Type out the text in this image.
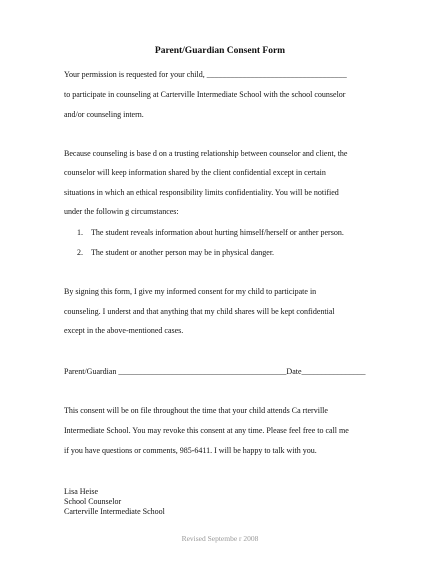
Parent/Guardian Consent Form
Your permission is requested for your child, ___________________________________
to participate in counseling at Carterville Intermediate School with the school counselor
and/or counseling intern.
Because counseling is base d on a trusting relationship between counselor and client, the
counselor will keep information shared by the client confidential except in certain
situations in which an ethical responsibility limits confidentiality. You will be notified
under the followin g circumstances:
1. The student reveals information about hurting himself/herself or anther person.
2. The student or another person may be in physical danger.
By signing this form, I give my informed consent for my child to participate in
counseling. I underst and that anything that my child shares will be kept confidential
except in the above-mentioned cases.
Parent/Guardian __________________________________________Date________________
This consent will be on file throughout the time that your child attends Ca rterville
Intermediate School. You may revoke this consent at any time. Please feel free to call me
if you have questions or comments, 985-6411. I will be happy to talk with you.
Lisa Heise
School Counselor
Carterville Intermediate School
Revised Septembe r 2008
